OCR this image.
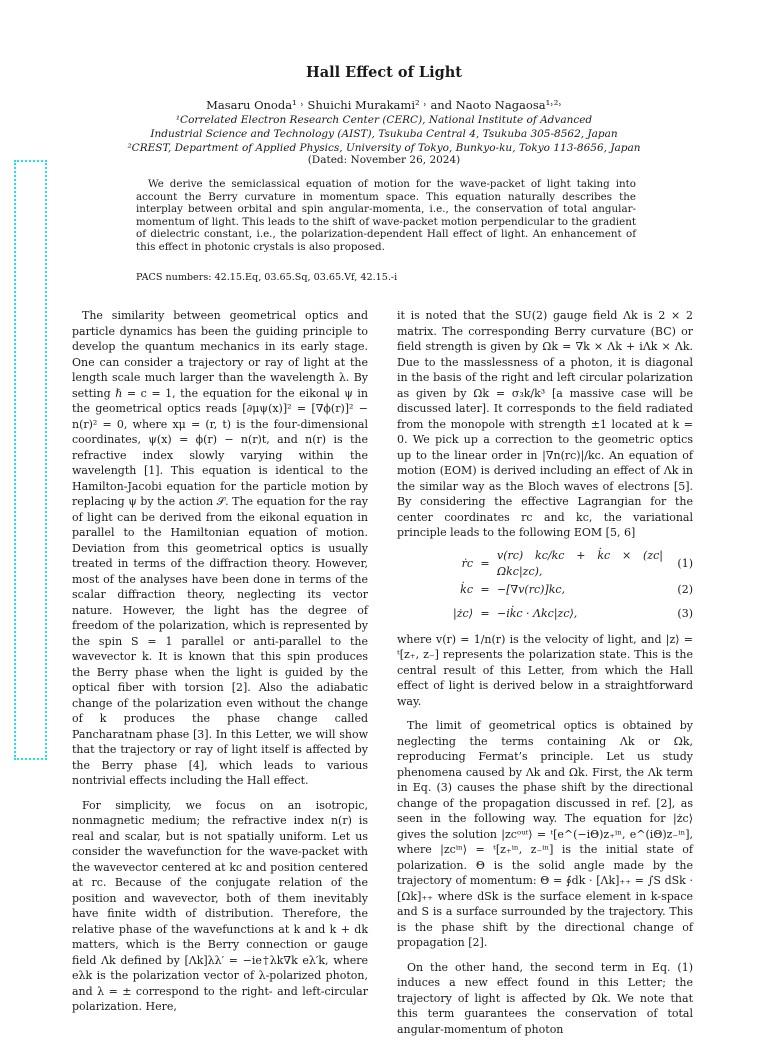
Hall Effect of Light
Masaru Onoda¹ ˒ Shuichi Murakami² ˒ and Naoto Nagaosa¹˒²˒
¹Correlated Electron Research Center (CERC), National Institute of Advanced
Industrial Science and Technology (AIST), Tsukuba Central 4, Tsukuba 305-8562, Japan
²CREST, Department of Applied Physics, University of Tokyo, Bunkyo-ku, Tokyo 113-8656, Japan
(Dated: November 26, 2024)
We derive the semiclassical equation of motion for the wave-packet of light taking into account the Berry curvature in momentum space. This equation naturally describes the interplay between orbital and spin angular-momenta, i.e., the conservation of total angular-momentum of light. This leads to the shift of wave-packet motion perpendicular to the gradient of dielectric constant, i.e., the polarization-dependent Hall effect of light. An enhancement of this effect in photonic crystals is also proposed.
PACS numbers: 42.15.Eq, 03.65.Sq, 03.65.Vf, 42.15.-i

The similarity between geometrical optics and particle dynamics has been the guiding principle to develop the quantum mechanics in its early stage. One can consider a trajectory or ray of light at the length scale much larger than the wavelength λ. By setting ℏ = c = 1, the equation for the eikonal ψ in the geometrical optics reads [∂μψ(x)]² = [∇ϕ(r)]² − n(r)² = 0, where xμ = (r, t) is the four-dimensional coordinates, ψ(x) = ϕ(r) − n(r)t, and n(r) is the refractive index slowly varying within the wavelength [1]. This equation is identical to the Hamilton-Jacobi equation for the particle motion by replacing ψ by the action 𝒮. The equation for the ray of light can be derived from the eikonal equation in parallel to the Hamiltonian equation of motion. Deviation from this geometrical optics is usually treated in terms of the diffraction theory. However, most of the analyses have been done in terms of the scalar diffraction theory, neglecting its vector nature. However, the light has the degree of freedom of the polarization, which is represented by the spin S = 1 parallel or anti-parallel to the wavevector k. It is known that this spin produces the Berry phase when the light is guided by the optical fiber with torsion [2]. Also the adiabatic change of the polarization even without the change of k produces the phase change called Pancharatnam phase [3]. In this Letter, we will show that the trajectory or ray of light itself is affected by the Berry phase [4], which leads to various nontrivial effects including the Hall effect.

For simplicity, we focus on an isotropic, nonmagnetic medium; the refractive index n(r) is real and scalar, but is not spatially uniform. Let us consider the wavefunction for the wave-packet with the wavevector centered at kc and position centered at rc. Because of the conjugate relation of the position and wavevector, both of them inevitably have finite width of distribution. Therefore, the relative phase of the wavefunctions at k and k + dk matters, which is the Berry connection or gauge field Λk defined by [Λk]λλ′ = −ie†λk∇k eλ′k, where eλk is the polarization vector of λ-polarized photon, and λ = ± correspond to the right- and left-circular polarization. Here,

it is noted that the SU(2) gauge field Λk is 2 × 2 matrix. The corresponding Berry curvature (BC) or field strength is given by Ωk = ∇k × Λk + iΛk × Λk. Due to the masslessness of a photon, it is diagonal in the basis of the right and left circular polarization as given by Ωk = σ₃k/k³ [a massive case will be discussed later]. It corresponds to the field radiated from the monopole with strength ±1 located at k = 0. We pick up a correction to the geometric optics up to the linear order in |∇n(rc)|/kc. An equation of motion (EOM) is derived including an effect of Λk in the similar way as the Bloch waves of electrons [5]. By considering the effective Lagrangian for the center coordinates rc and kc, the variational principle leads to the following EOM [5, 6]

ṙc =
v(rc) kc/kc + k̇c × (zc|Ωkc|zc),
(1)
k̇c = −[∇v(rc)]kc,	(2)
|żc⟩ = −ik̇c · Λkc|zc⟩,	(3)

where v(r) = 1/n(r) is the velocity of light, and |z⟩ = ᵗ[z₊, z₋] represents the polarization state. This is the central result of this Letter, from which the Hall effect of light is derived below in a straightforward way.

The limit of geometrical optics is obtained by neglecting the terms containing Λk or Ωk, reproducing Fermat’s principle. Let us study phenomena caused by Λk and Ωk. First, the Λk term in Eq. (3) causes the phase shift by the directional change of the propagation discussed in ref. [2], as seen in the following way. The equation for |żc⟩ gives the solution |zcᵒᵘᵗ⟩ = ᵗ[e^(−iΘ)z₊ⁱⁿ, e^(iΘ)z₋ⁱⁿ], where |zcⁱⁿ⟩ = ᵗ[z₊ⁱⁿ, z₋ⁱⁿ] is the initial state of polarization. Θ is the solid angle made by the trajectory of momentum: Θ = ∮dk · [Λk]₊₊ = ∫S dSk · [Ωk]₊₊ where dSk is the surface element in k-space and S is a surface surrounded by the trajectory. This is the phase shift by the directional change of propagation [2].

On the other hand, the second term in Eq. (1) induces a new effect found in this Letter; the trajectory of light is affected by Ωk. We note that this term guarantees the conservation of total angular-momentum of photon
